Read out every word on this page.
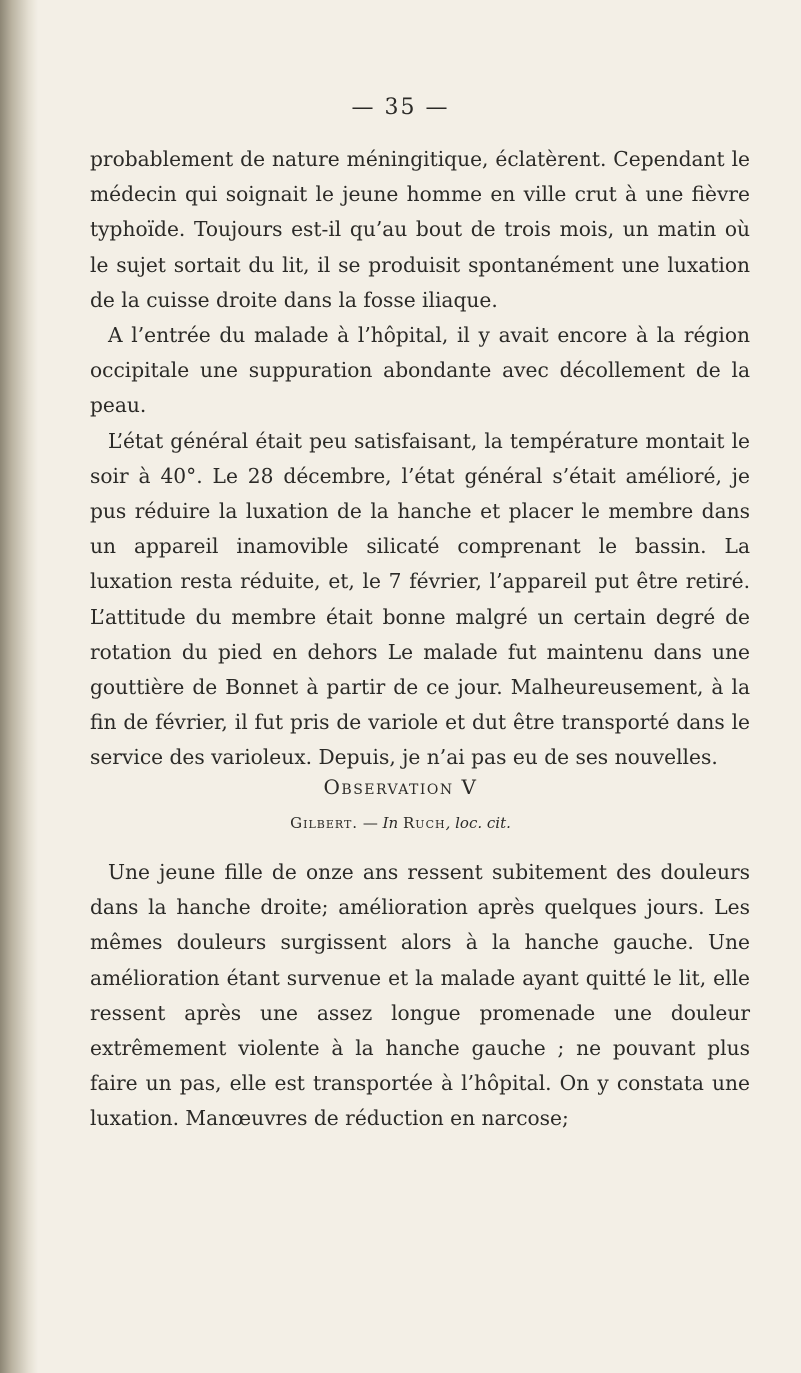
— 35 —

probablement de nature méningitique, éclatèrent. Cependant le médecin qui soignait le jeune homme en ville crut à une fièvre typhoïde. Toujours est-il qu’au bout de trois mois, un matin où le sujet sortait du lit, il se produisit spontanément une luxation de la cuisse droite dans la fosse iliaque.

A l’entrée du malade à l’hôpital, il y avait encore à la région occipitale une suppuration abondante avec décollement de la peau.

L’état général était peu satisfaisant, la température montait le soir à 40°. Le 28 décembre, l’état général s’était amélioré, je pus réduire la luxation de la hanche et placer le membre dans un appareil inamovible silicaté comprenant le bassin. La luxation resta réduite, et, le 7 février, l’appareil put être retiré. L’attitude du membre était bonne malgré un certain degré de rotation du pied en dehors Le malade fut maintenu dans une gouttière de Bonnet à partir de ce jour. Malheureusement, à la fin de février, il fut pris de variole et dut être transporté dans le service des varioleux. Depuis, je n’ai pas eu de ses nouvelles.

Observation V
Gilbert. — In Ruch, loc. cit.

Une jeune fille de onze ans ressent subitement des douleurs dans la hanche droite; amélioration après quelques jours. Les mêmes douleurs surgissent alors à la hanche gauche. Une amélioration étant survenue et la malade ayant quitté le lit, elle ressent après une assez longue promenade une douleur extrêmement violente à la hanche gauche ; ne pouvant plus faire un pas, elle est transportée à l’hôpital. On y constata une luxation. Manœuvres de réduction en narcose;
